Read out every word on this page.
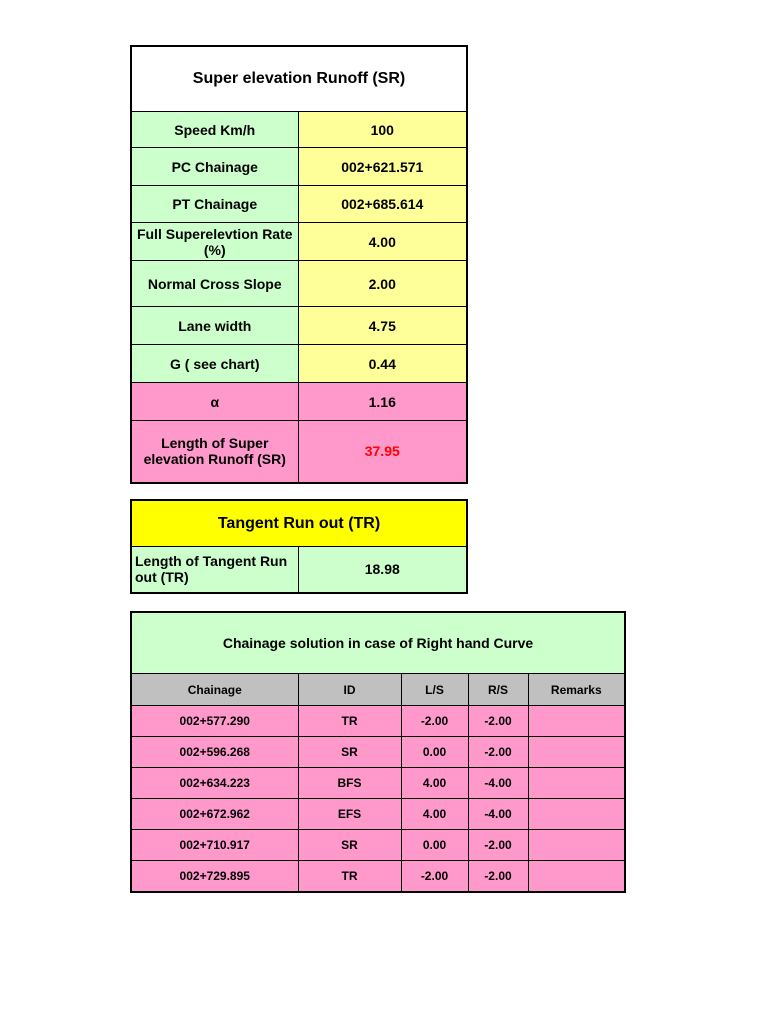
Super elevation Runoff (SR)	
Speed Km/h	100
PC Chainage	002+621.571
PT Chainage	002+685.614
Full Superelevtion Rate (%)	4.00
Normal Cross Slope	2.00
Lane width	4.75
G ( see chart)	0.44
α	1.16
Length of Super elevation Runoff (SR)	37.95
Tangent Run out (TR)
Length of Tangent Run out (TR)	18.98
Chainage solution in case of Right hand Curve				
Chainage	ID	L/S	R/S	Remarks
002+577.290	TR	-2.00	-2.00	
002+596.268	SR	0.00	-2.00	
002+634.223	BFS	4.00	-4.00	
002+672.962	EFS	4.00	-4.00	
002+710.917	SR	0.00	-2.00	
002+729.895	TR	-2.00	-2.00	
